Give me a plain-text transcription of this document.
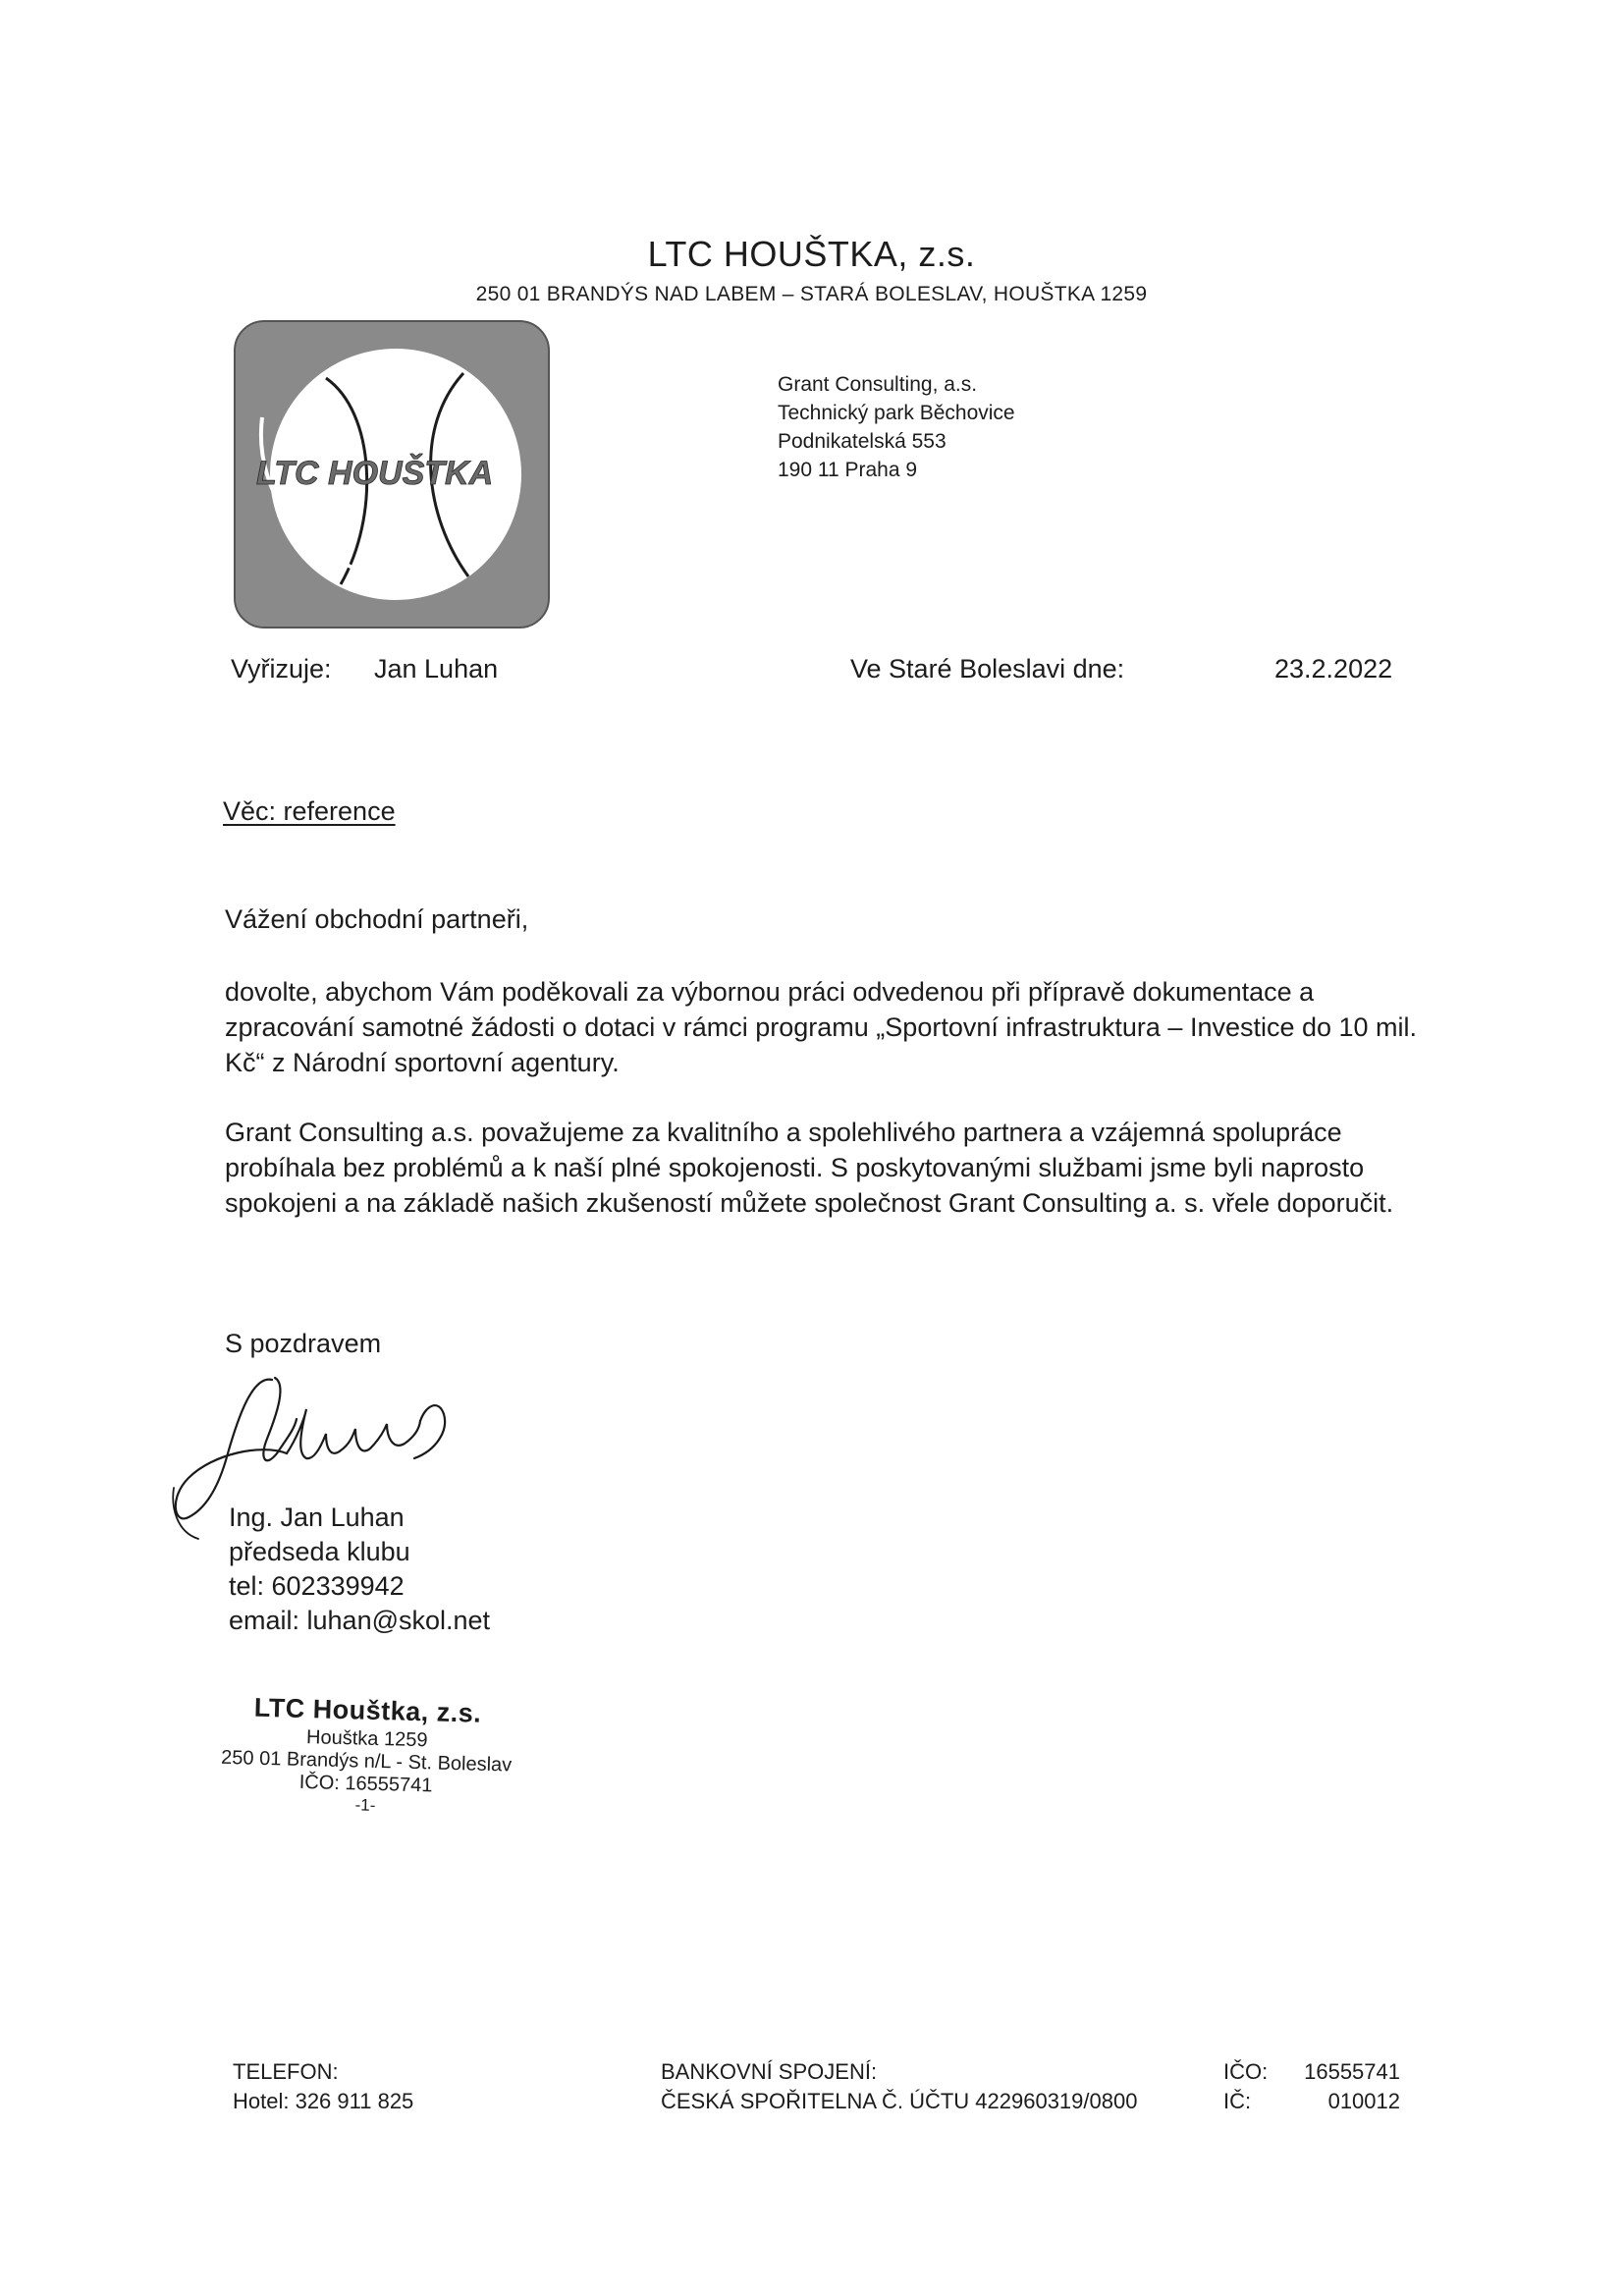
LTC HOUŠTKA, z.s.
250 01 BRANDÝS NAD LABEM – STARÁ BOLESLAV, HOUŠTKA 1259
LTC HOUŠTKA
Grant Consulting, a.s.
Technický park Běchovice
Podnikatelská 553
190 11 Praha 9
Vyřizuje: Jan Luhan	Ve Staré Boleslavi dne:	23.2.2022
Věc: reference
Vážení obchodní partneři,
dovolte, abychom Vám poděkovali za výbornou práci odvedenou při přípravě dokumentace a zpracování samotné žádosti o dotaci v rámci programu „Sportovní infrastruktura – Investice do 10 mil. Kč“ z Národní sportovní agentury.
Grant Consulting a.s. považujeme za kvalitního a spolehlivého partnera a vzájemná spolupráce probíhala bez problémů a k naší plné spokojenosti. S poskytovanými službami jsme byli naprosto spokojeni a na základě našich zkušeností můžete společnost Grant Consulting a. s. vřele doporučit.
S pozdravem
Ing. Jan Luhan
předseda klubu
tel: 602339942
email: luhan@skol.net
LTC Houštka, z.s.
Houštka 1259
250 01 Brandýs n/L - St. Boleslav
IČO: 16555741
-1-
TELEFON:
Hotel: 326 911 825
BANKOVNÍ SPOJENÍ:
ČESKÁ SPOŘITELNA Č. ÚČTU 422960319/0800
IČO: 16555741
IČ:	010012
